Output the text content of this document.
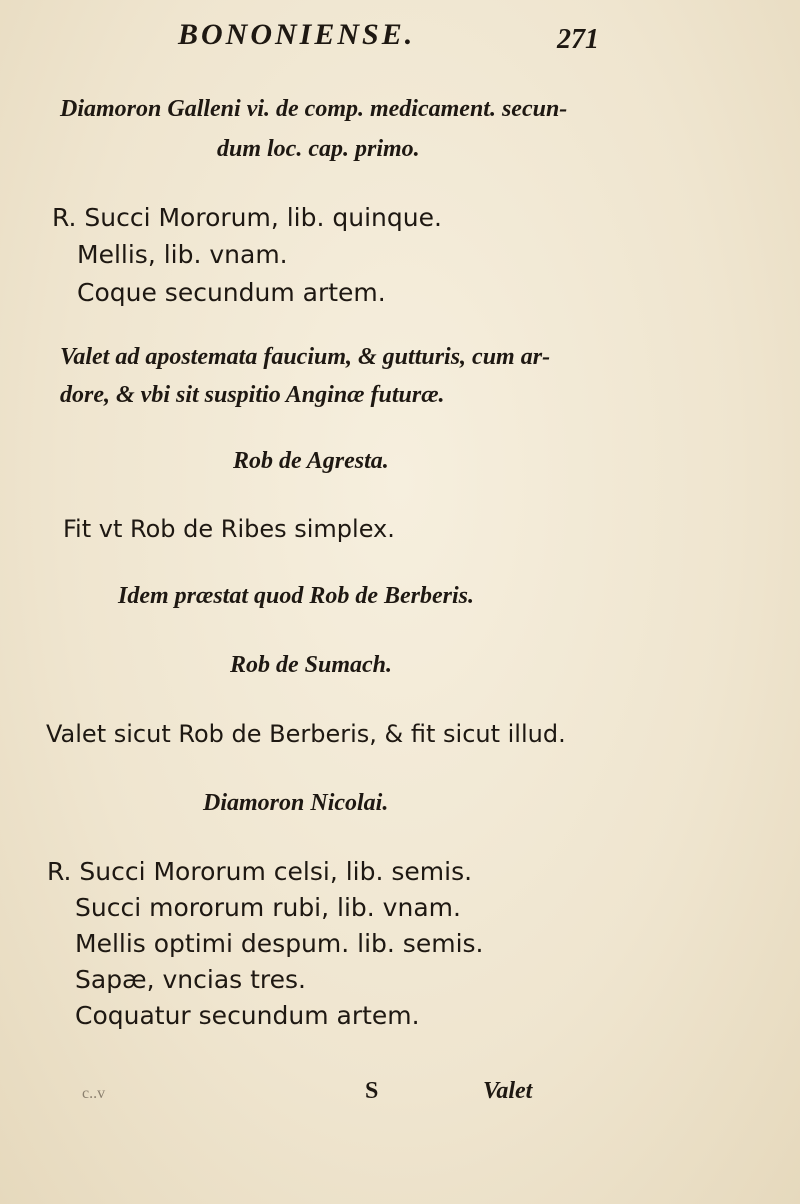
BONONIENSE.	271
Diamoron Galleni vi. de comp. medicament. secun-
dum loc. cap. primo.
R. Succi Mororum, lib. quinque.
Mellis, lib. vnam.
Coque secundum artem.
Valet ad apostemata faucium, & gutturis, cum ar-
dore, & vbi sit suspitio Anginæ futuræ.
Rob de Agresta.
Fit vt Rob de Ribes simplex.
Idem præstat quod Rob de Berberis.
Rob de Sumach.
Valet sicut Rob de Berberis, & fit sicut illud.
Diamoron Nicolai.
R. Succi Mororum celsi, lib. semis.
Succi mororum rubi, lib. vnam.
Mellis optimi despum. lib. semis.
Sapæ, vncias tres.
Coquatur secundum artem.
c..v	S	Valet
